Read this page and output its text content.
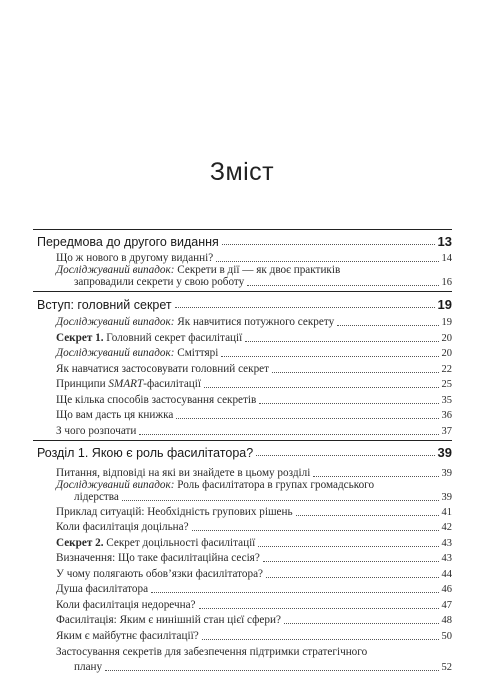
Зміст
Передмова до другого видання	13
Що ж нового в другому виданні?	14
Досліджуваний випадок: Секрети в дії — як двоє практиків
запровадили секрети у свою роботу	16
Вступ: головний секрет	19
Досліджуваний випадок: Як навчитися потужного секрету	19
Секрет 1. Головний секрет фасилітації	20
Досліджуваний випадок: Сміттярі	20
Як навчатися застосовувати головний секрет	22
Принципи SMART-фасилітації	25
Ще кілька способів застосування секретів	35
Що вам дасть ця книжка	36
З чого розпочати	37
Розділ 1. Якою є роль фасилітатора?	39
Питання, відповіді на які ви знайдете в цьому розділі	39
Досліджуваний випадок: Роль фасилітатора в групах громадського
лідерства	39
Приклад ситуацій: Необхідність групових рішень	41
Коли фасилітація доцільна?	42
Секрет 2. Секрет доцільності фасилітації	43
Визначення: Що таке фасилітаційна сесія?	43
У чому полягають обов’язки фасилітатора?	44
Душа фасилітатора	46
Коли фасилітація недоречна?	47
Фасилітація: Яким є нинішній стан цієї сфери?	48
Яким є майбутнє фасилітації?	50
Застосування секретів для забезпечення підтримки стратегічного
плану	52
